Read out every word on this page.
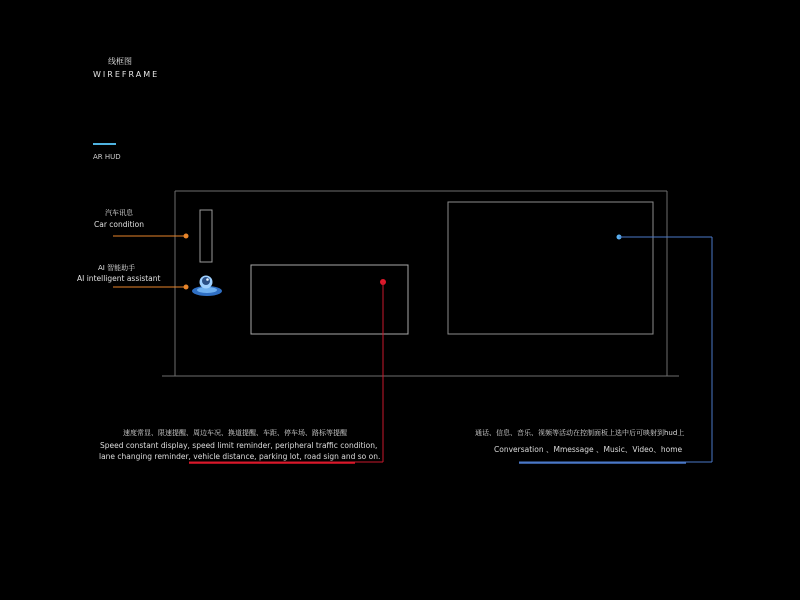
线框图
WIREFRAME
AR HUD
汽车讯息
Car condition
AI 智能助手
AI intelligent assistant
速度常显、限速提醒、周边车况、换道提醒、车距、停车场、路标等提醒
Speed constant display, speed limit reminder, peripheral traffic condition,
lane changing reminder, vehicle distance, parking lot, road sign and so on.
通话、信息、音乐、视频等活动在控制面板上选中后可映射到hud上
Conversation 、Mmessage 、Music、Video、home
